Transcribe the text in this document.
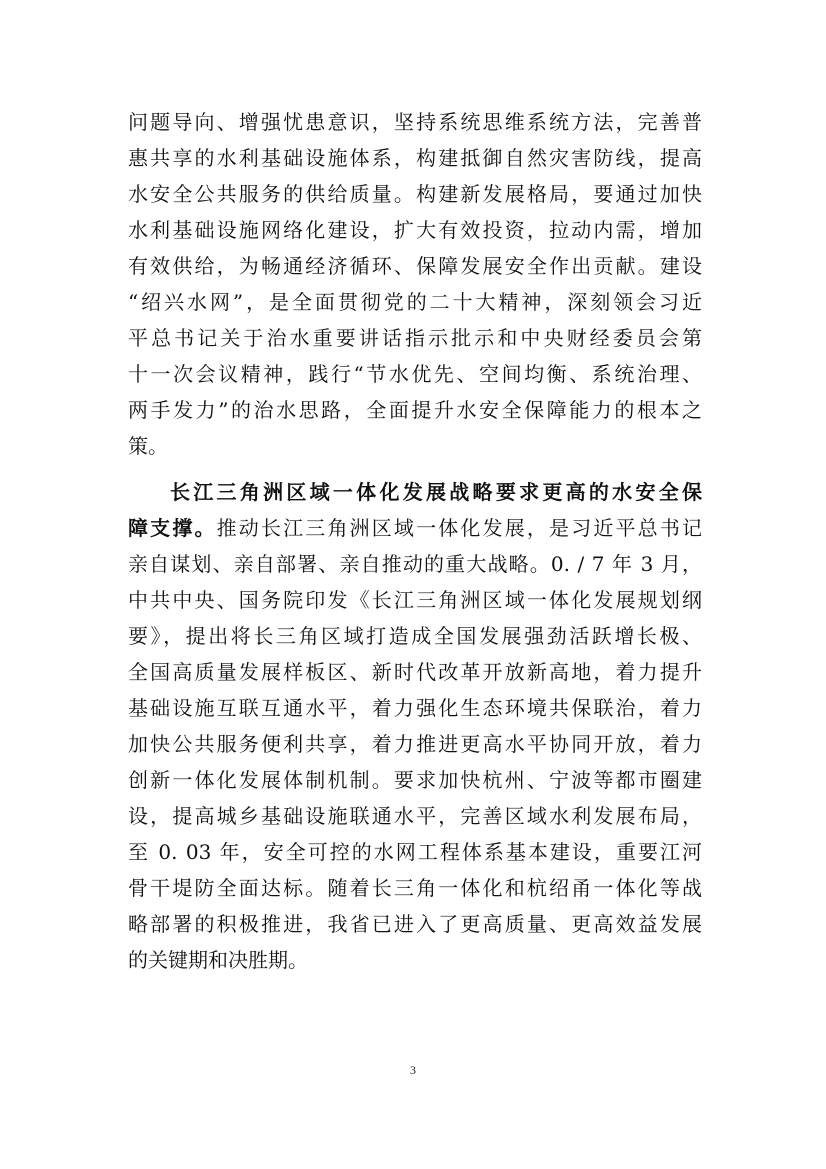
问题导向、增强忧患意识，坚持系统思维系统方法，完善普
惠共享的水利基础设施体系，构建抵御自然灾害防线，提高
水安全公共服务的供给质量。构建新发展格局，要通过加快
水利基础设施网络化建设，扩大有效投资，拉动内需，增加
有效供给，为畅通经济循环、保障发展安全作出贡献。建设
“绍兴水网”，是全面贯彻党的二十大精神，深刻领会习近
平总书记关于治水重要讲话指示批示和中央财经委员会第
十一次会议精神，践行“节水优先、空间均衡、系统治理、
两手发力”的治水思路，全面提升水安全保障能力的根本之
策。
长江三角洲区域一体化发展战略要求更高的水安全保
障支撑。推动长江三角洲区域一体化发展，是习近平总书记
亲自谋划、亲自部署、亲自推动的重大战略。0. / 7 年 3 月，
中共中央、国务院印发《长江三角洲区域一体化发展规划纲
要》，提出将长三角区域打造成全国发展强劲活跃增长极、
全国高质量发展样板区、新时代改革开放新高地，着力提升
基础设施互联互通水平，着力强化生态环境共保联治，着力
加快公共服务便利共享，着力推进更高水平协同开放，着力
创新一体化发展体制机制。要求加快杭州、宁波等都市圈建
设，提高城乡基础设施联通水平，完善区域水利发展布局，
至 0. 03 年，安全可控的水网工程体系基本建设，重要江河
骨干堤防全面达标。随着长三角一体化和杭绍甬一体化等战
略部署的积极推进，我省已进入了更高质量、更高效益发展
的关键期和决胜期。
3
